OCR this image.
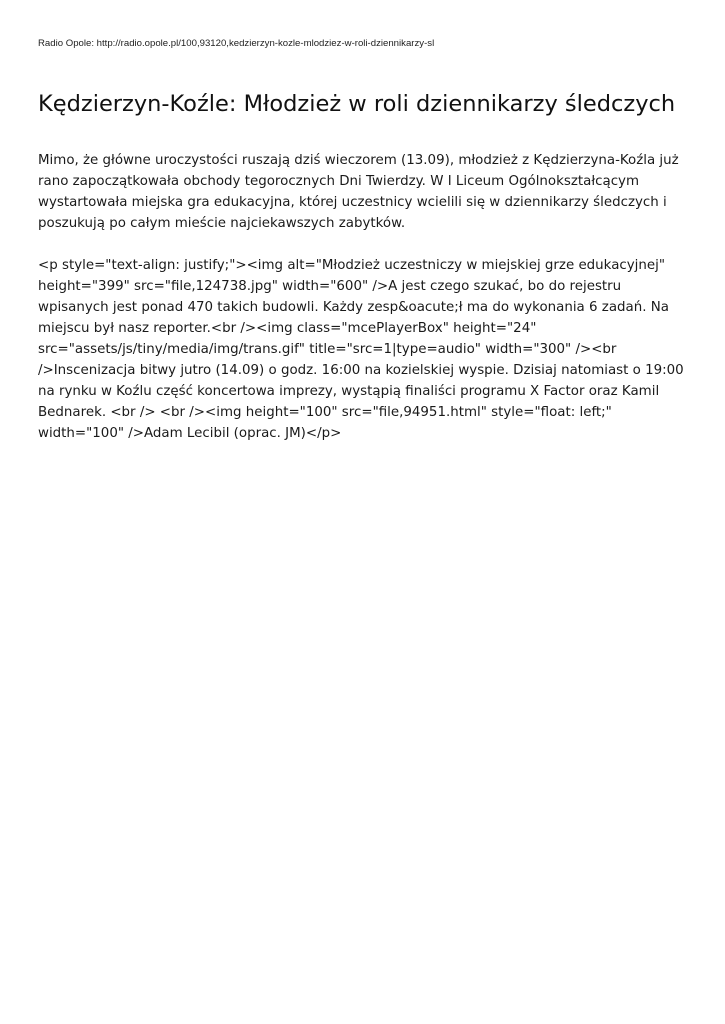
Radio Opole: http://radio.opole.pl/100,93120,kedzierzyn-kozle-mlodziez-w-roli-dziennikarzy-sl
Kędzierzyn-Koźle: Młodzież w roli dziennikarzy śledczych

Mimo, że główne uroczystości ruszają dziś wieczorem (13.09), młodzież z Kędzierzyna-Koźla już rano zapoczątkowała obchody tegorocznych Dni Twierdzy. W I Liceum Ogólnokształcącym wystartowała miejska gra edukacyjna, której uczestnicy wcielili się w dziennikarzy śledczych i poszukują po całym mieście najciekawszych zabytków.

<p style="text-align: justify;"><img alt="Młodzież uczestniczy w miejskiej grze edukacyjnej" height="399" src="file,124738.jpg" width="600" />A jest czego szukać, bo do rejestru wpisanych jest ponad 470 takich budowli. Każdy zesp&oacute;ł ma do wykonania 6 zadań. Na miejscu był nasz reporter.<br /><img class="mcePlayerBox" height="24" src="assets/js/tiny/media/img/trans.gif" title="src=1|type=audio" width="300" /><br />Inscenizacja bitwy jutro (14.09) o godz. 16:00 na kozielskiej wyspie. Dzisiaj natomiast o 19:00 na rynku w Koźlu część koncertowa imprezy, wystąpią finaliści programu X Factor oraz Kamil Bednarek. <br /> <br /><img height="100" src="file,94951.html" style="float: left;" width="100" />Adam Lecibil (oprac. JM)</p>
